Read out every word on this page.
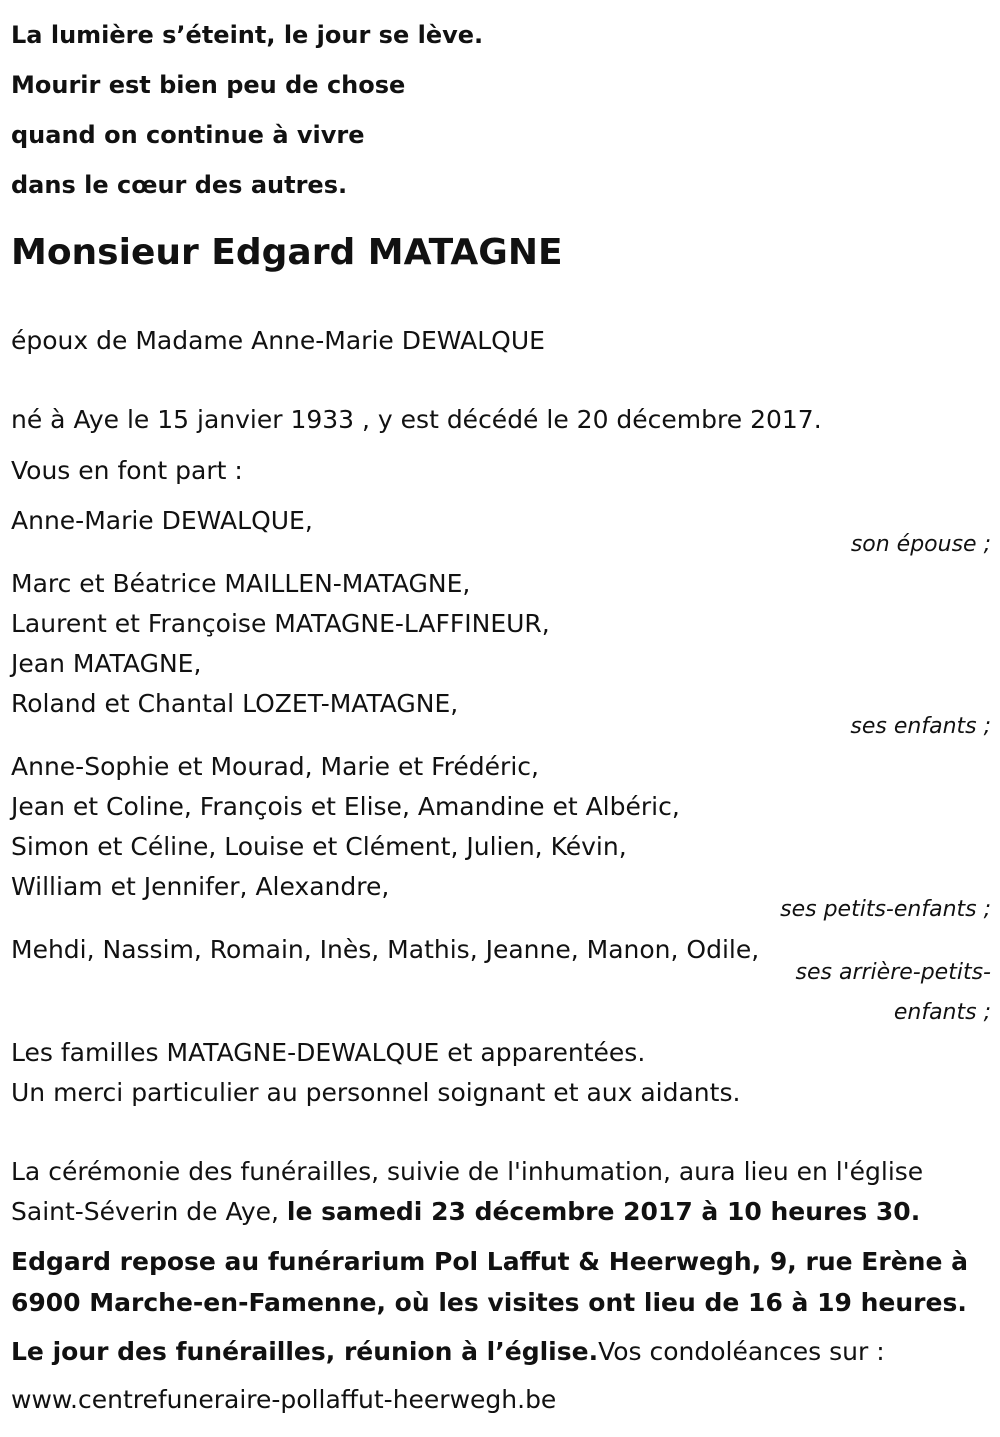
La lumière s’éteint, le jour se lève.
Mourir est bien peu de chose
quand on continue à vivre
dans le cœur des autres.
Monsieur Edgard MATAGNE
époux de Madame Anne-Marie DEWALQUE
né à Aye le 15 janvier 1933 , y est décédé le 20 décembre 2017.
Vous en font part :
Anne-Marie DEWALQUE,
son épouse ;
Marc et Béatrice MAILLEN-MATAGNE,
Laurent et Françoise MATAGNE-LAFFINEUR,
Jean MATAGNE,
Roland et Chantal LOZET-MATAGNE,
ses enfants ;
Anne-Sophie et Mourad, Marie et Frédéric,
Jean et Coline, François et Elise, Amandine et Albéric,
Simon et Céline, Louise et Clément, Julien, Kévin,
William et Jennifer, Alexandre,
ses petits-enfants ;
Mehdi, Nassim, Romain, Inès, Mathis, Jeanne, Manon, Odile,
ses arrière-petits-
enfants ;
Les familles MATAGNE-DEWALQUE et apparentées.
Un merci particulier au personnel soignant et aux aidants.
La cérémonie des funérailles, suivie de l'inhumation, aura lieu en l'église
Saint-Séverin de Aye, le samedi 23 décembre 2017 à 10 heures 30.
Edgard repose au funérarium Pol Laffut & Heerwegh, 9, rue Erène à
6900 Marche-en-Famenne, où les visites ont lieu de 16 à 19 heures.
Le jour des funérailles, réunion à l’église.Vos condoléances sur :
www.centrefuneraire-pollaffut-heerwegh.be
